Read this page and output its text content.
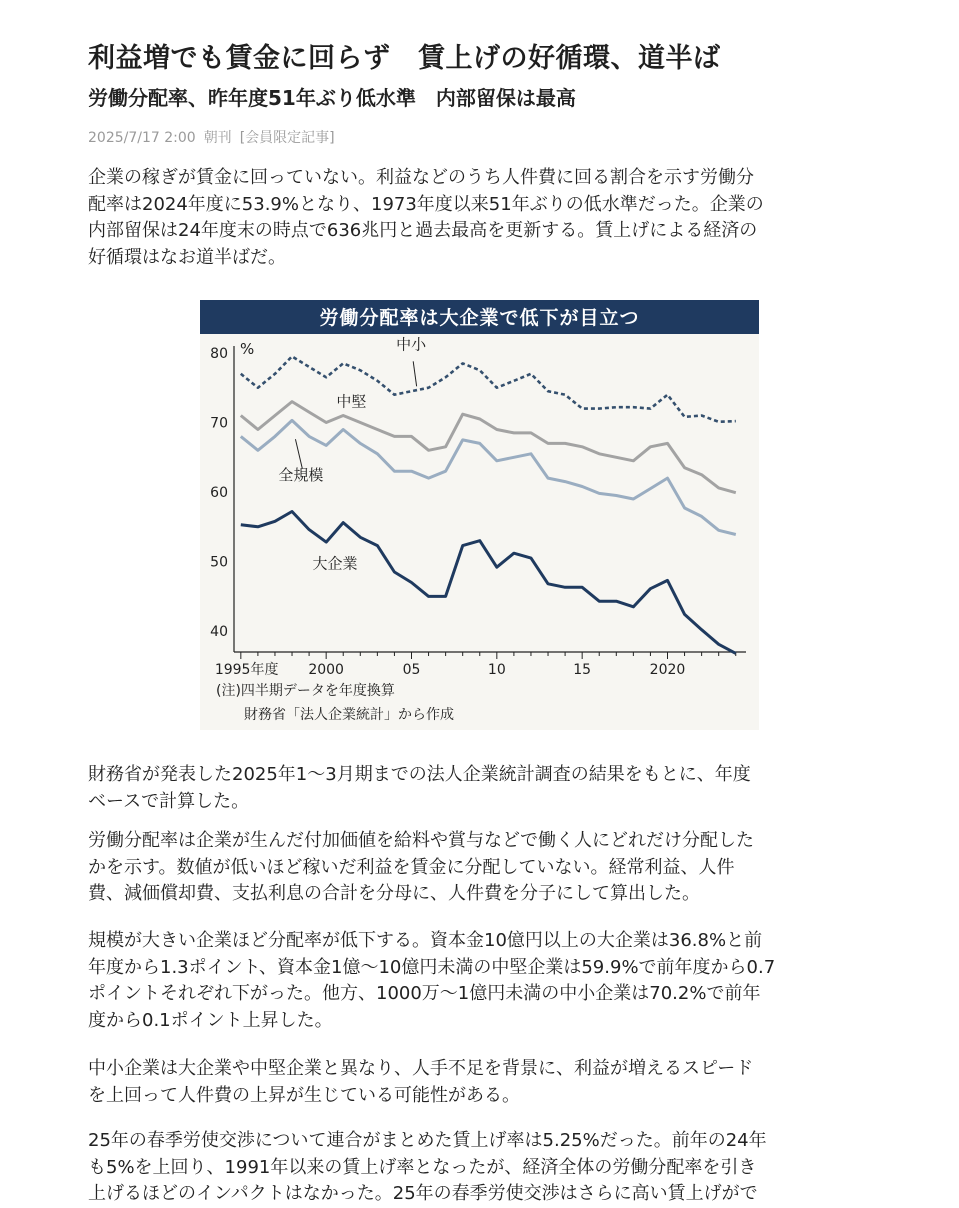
利益増でも賃金に回らず　賃上げの好循環、道半ば
労働分配率、昨年度51年ぶり低水準　内部留保は最高
2025/7/17 2:00 朝刊 [会員限定記事]
企業の稼ぎが賃金に回っていない。利益などのうち人件費に回る割合を示す労働分
配率は2024年度に53.9%となり、1973年度以来51年ぶりの低水準だった。企業の
内部留保は24年度末の時点で636兆円と過去最高を更新する。賃上げによる経済の
好循環はなお道半ばだ。
財務省が発表した2025年1〜3月期までの法人企業統計調査の結果をもとに、年度
ベースで計算した。
労働分配率は企業が生んだ付加価値を給料や賞与などで働く人にどれだけ分配した
かを示す。数値が低いほど稼いだ利益を賃金に分配していない。経常利益、人件
費、減価償却費、支払利息の合計を分母に、人件費を分子にして算出した。
規模が大きい企業ほど分配率が低下する。資本金10億円以上の大企業は36.8%と前
年度から1.3ポイント、資本金1億〜10億円未満の中堅企業は59.9%で前年度から0.7
ポイントそれぞれ下がった。他方、1000万〜1億円未満の中小企業は70.2%で前年
度から0.1ポイント上昇した。
中小企業は大企業や中堅企業と異なり、人手不足を背景に、利益が増えるスピード
を上回って人件費の上昇が生じている可能性がある。
25年の春季労使交渉について連合がまとめた賃上げ率は5.25%だった。前年の24年
も5%を上回り、1991年以来の賃上げ率となったが、経済全体の労働分配率を引き
上げるほどのインパクトはなかった。25年の春季労使交渉はさらに高い賃上げがで
労働分配率は大企業で低下が目立つ
%
40
50
60
70
80
1995年度 2000	05	10	15	2020
中小
中堅
全規模
大企業
(注)四半期データを年度換算
　　財務省「法人企業統計」から作成
